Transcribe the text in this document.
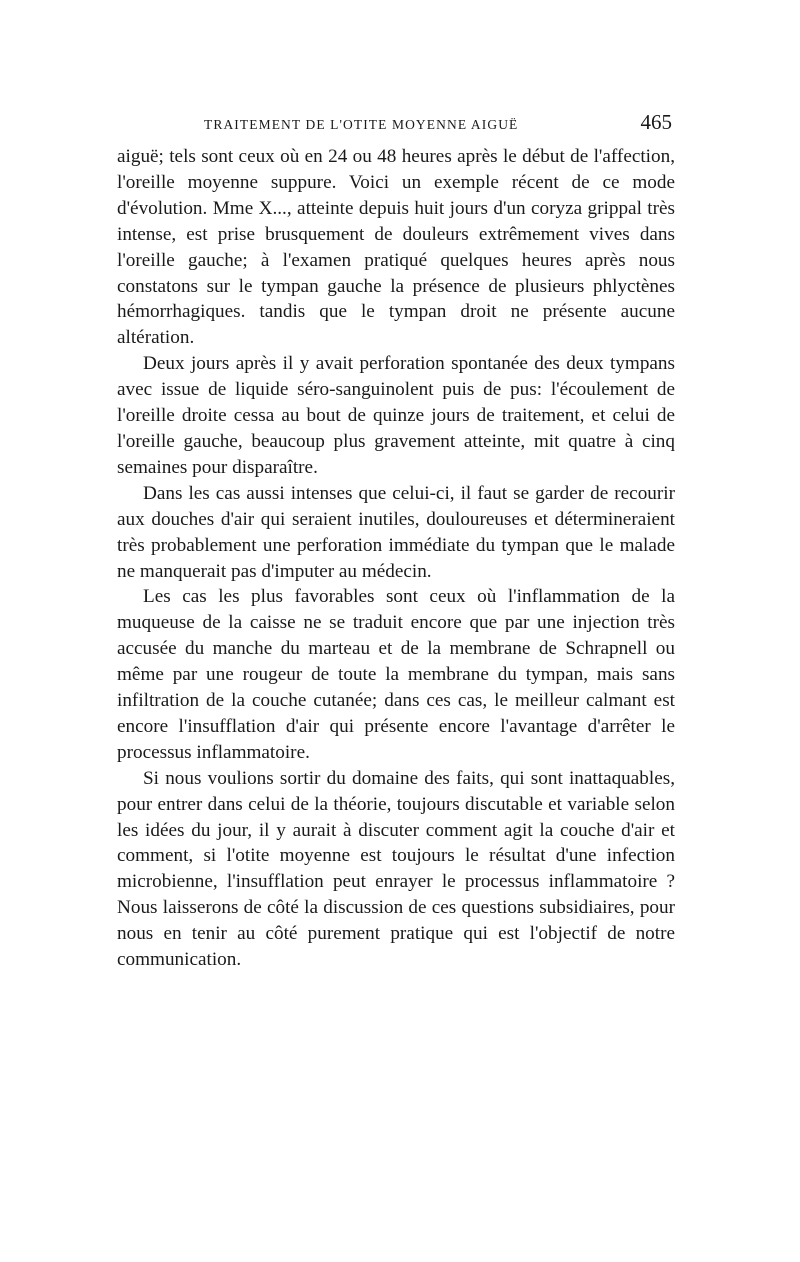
TRAITEMENT DE L'OTITE MOYENNE AIGUË	465

aiguë; tels sont ceux où en 24 ou 48 heures après le début de l'affection, l'oreille moyenne suppure. Voici un exemple récent de ce mode d'évolution. Mme X..., atteinte depuis huit jours d'un coryza grippal très intense, est prise brusquement de douleurs extrêmement vives dans l'oreille gauche; à l'examen pratiqué quelques heures après nous constatons sur le tympan gauche la présence de plusieurs phlyctènes hémorrhagiques. tandis que le tympan droit ne présente aucune altération.

Deux jours après il y avait perforation spontanée des deux tympans avec issue de liquide séro-sanguinolent puis de pus: l'écoulement de l'oreille droite cessa au bout de quinze jours de traitement, et celui de l'oreille gauche, beaucoup plus gravement atteinte, mit quatre à cinq semaines pour disparaître.

Dans les cas aussi intenses que celui-ci, il faut se garder de recourir aux douches d'air qui seraient inutiles, douloureuses et détermineraient très probablement une perforation immédiate du tympan que le malade ne manquerait pas d'imputer au médecin.

Les cas les plus favorables sont ceux où l'inflammation de la muqueuse de la caisse ne se traduit encore que par une injection très accusée du manche du marteau et de la membrane de Schrapnell ou même par une rougeur de toute la membrane du tympan, mais sans infiltration de la couche cutanée; dans ces cas, le meilleur calmant est encore l'insufflation d'air qui présente encore l'avantage d'arrêter le processus inflammatoire.

Si nous voulions sortir du domaine des faits, qui sont inattaquables, pour entrer dans celui de la théorie, toujours discutable et variable selon les idées du jour, il y aurait à discuter comment agit la couche d'air et comment, si l'otite moyenne est toujours le résultat d'une infection microbienne, l'insufflation peut enrayer le processus inflammatoire ? Nous laisserons de côté la discussion de ces questions subsidiaires, pour nous en tenir au côté purement pratique qui est l'objectif de notre communication.
